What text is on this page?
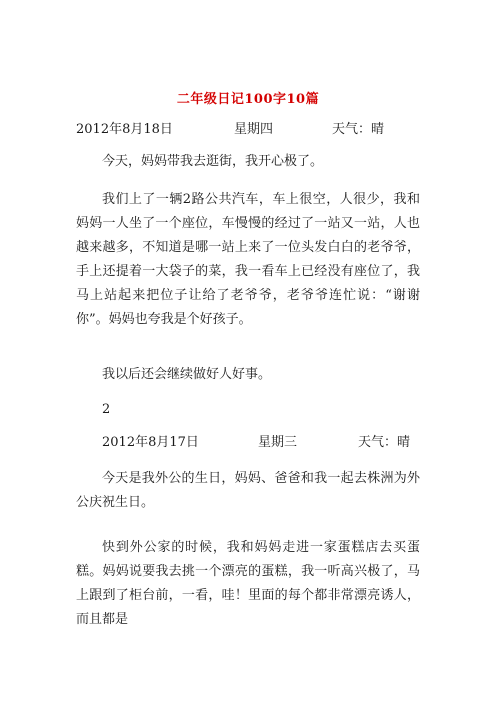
二年级日记100字10篇
2012年8月18日	星期四	天气：晴

今天，妈妈带我去逛街，我开心极了。

我们上了一辆2路公共汽车，车上很空，人很少，我和妈妈一人坐了一个座位，车慢慢的经过了一站又一站，人也越来越多，不知道是哪一站上来了一位头发白白的老爷爷，手上还提着一大袋子的菜，我一看车上已经没有座位了，我马上站起来把位子让给了老爷爷，老爷爷连忙说：“谢谢你”。妈妈也夸我是个好孩子。

我以后还会继续做好人好事。

2
2012年8月17日	星期三	天气：晴

今天是我外公的生日，妈妈、爸爸和我一起去株洲为外公庆祝生日。

快到外公家的时候，我和妈妈走进一家蛋糕店去买蛋糕。妈妈说要我去挑一个漂亮的蛋糕，我一听高兴极了，马上跟到了柜台前，一看，哇！里面的每个都非常漂亮诱人，而且都是
